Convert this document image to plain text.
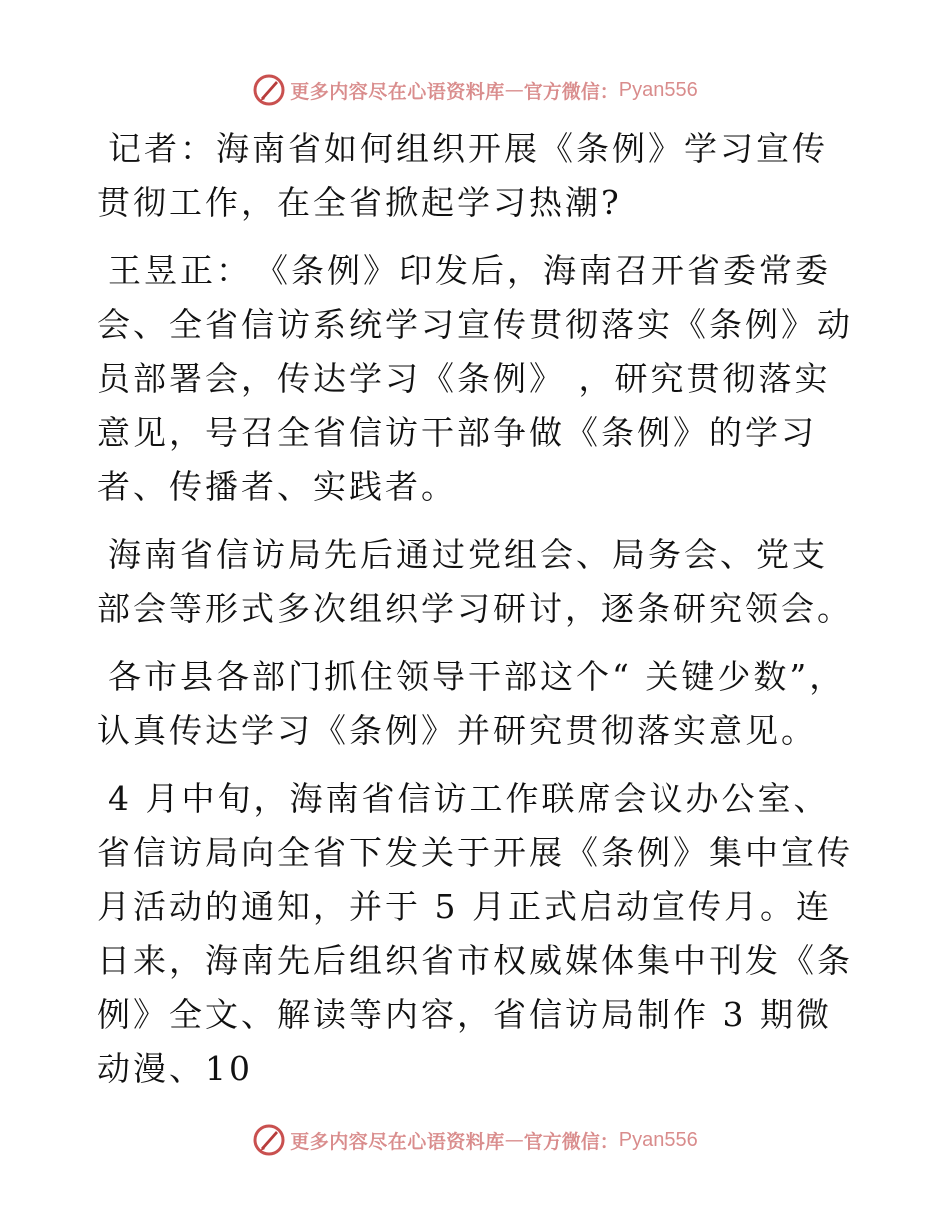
更多内容尽在心语资料库 — 官方微信： Pyan556

记者：海南省如何组织开展《条例》学习宣传贯彻工作，在全省掀起学习热潮?

王昱正：　《条例》印发后，海南召开省委常委会、全省信访系统学习宣传贯彻落实《条例》动员部署会，传达学习《条例》 ，研究贯彻落实意见，号召全省信访干部争做《条例》的学习者、传播者、实践者。

海南省信访局先后通过党组会、局务会、党支部会等形式多次组织学习研讨，逐条研究领会。

各市县各部门抓住领导干部这个“ 关键少数”，认真传达学习《条例》并研究贯彻落实意见。

4 月中旬，海南省信访工作联席会议办公室、省信访局向全省下发关于开展《条例》集中宣传月活动的通知，并于 5 月正式启动宣传月。连日来，海南先后组织省市权威媒体集中刊发《条例》全文、解读等内容，省信访局制作 3 期微动漫、10

更多内容尽在心语资料库 — 官方微信： Pyan556
